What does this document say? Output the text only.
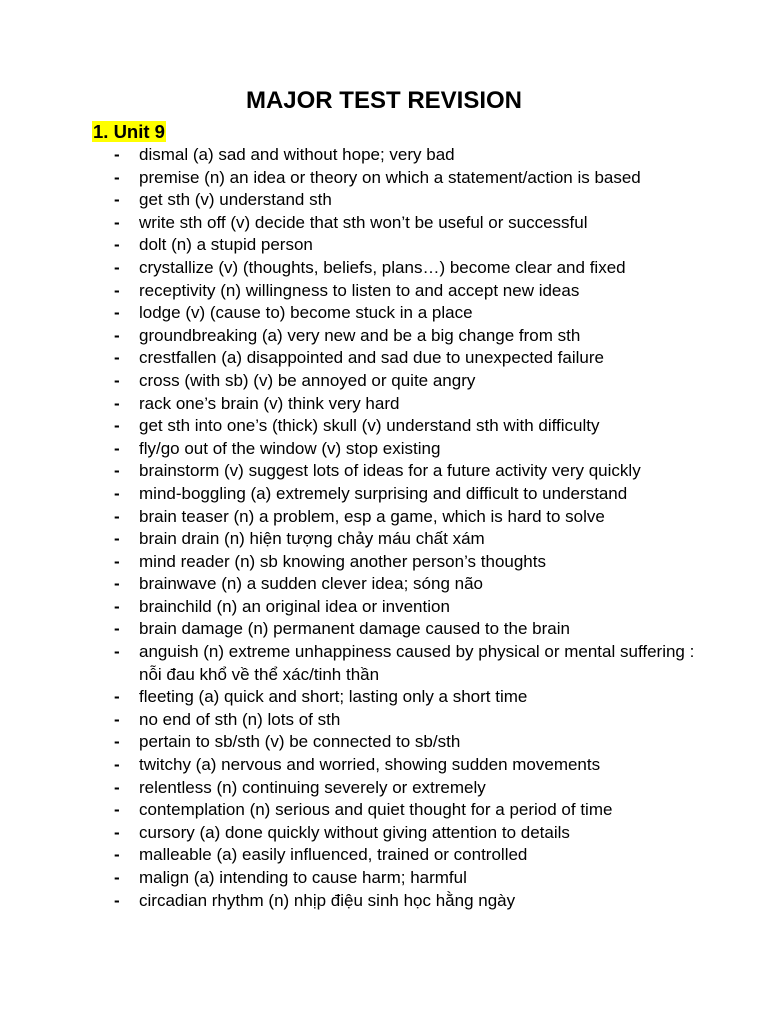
MAJOR TEST REVISION
1. Unit 9
- dismal (a) sad and without hope; very bad
- premise (n) an idea or theory on which a statement/action is based
- get sth (v) understand sth
- write sth off (v) decide that sth won’t be useful or successful
- dolt (n) a stupid person
- crystallize (v) (thoughts, beliefs, plans…) become clear and fixed
- receptivity (n) willingness to listen to and accept new ideas
- lodge (v) (cause to) become stuck in a place
- groundbreaking (a) very new and be a big change from sth
- crestfallen (a) disappointed and sad due to unexpected failure
- cross (with sb) (v) be annoyed or quite angry
- rack one’s brain (v) think very hard
- get sth into one’s (thick) skull (v) understand sth with difficulty
- fly/go out of the window (v) stop existing
- brainstorm (v) suggest lots of ideas for a future activity very quickly
- mind-boggling (a) extremely surprising and difficult to understand
- brain teaser (n) a problem, esp a game, which is hard to solve
- brain drain (n) hiện tượng chảy máu chất xám
- mind reader (n) sb knowing another person’s thoughts
- brainwave (n) a sudden clever idea; sóng não
- brainchild (n) an original idea or invention
- brain damage (n) permanent damage caused to the brain
- anguish (n) extreme unhappiness caused by physical or mental suffering : nỗi đau khổ về thể xác/tinh thần
- fleeting (a) quick and short; lasting only a short time
- no end of sth (n) lots of sth
- pertain to sb/sth (v) be connected to sb/sth
- twitchy (a) nervous and worried, showing sudden movements
- relentless (n) continuing severely or extremely
- contemplation (n) serious and quiet thought for a period of time
- cursory (a) done quickly without giving attention to details
- malleable (a) easily influenced, trained or controlled
- malign (a) intending to cause harm; harmful
- circadian rhythm (n) nhịp điệu sinh học hằng ngày
